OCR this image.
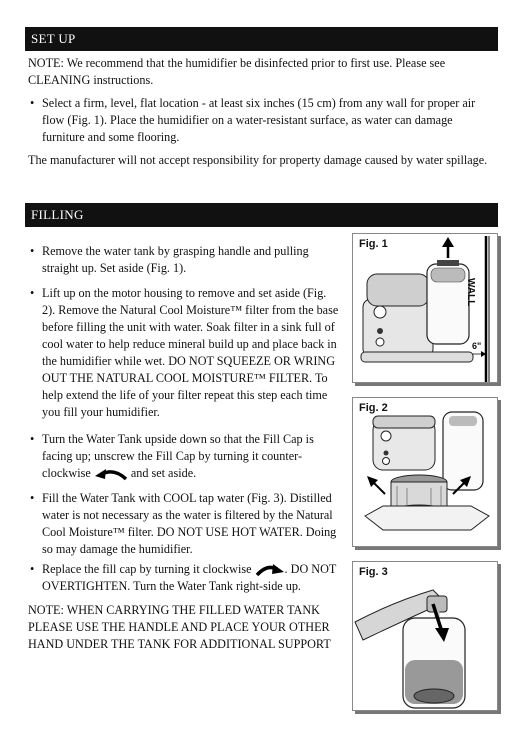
SET UP

NOTE: We recommend that the humidifier be disinfected prior to first use. Please see CLEANING instructions.

• Select a firm, level, flat location - at least six inches (15 cm) from any wall for proper air flow (Fig. 1). Place the humidifier on a water-resistant surface, as water can damage furniture and some flooring.

The manufacturer will not accept responsibility for property damage caused by water spillage.

FILLING
• Remove the water tank by grasping handle and pulling straight up. Set aside (Fig. 1).
• Lift up on the motor housing to remove and set aside (Fig. 2). Remove the Natural Cool Moisture™ filter from the base before filling the unit with water. Soak filter in a sink full of cool water to help reduce mineral build up and place back in the humidifier while wet. DO NOT SQUEEZE OR WRING OUT THE NATURAL COOL MOISTURE™ FILTER. To help extend the life of your filter repeat this step each time you fill your humidifier.
• Turn the Water Tank upside down so that the Fill Cap is facing up; unscrew the Fill Cap by turning it counter-clockwise	and set aside.
• Fill the Water Tank with COOL tap water (Fig. 3). Distilled water is not necessary as the water is filtered by the Natural Cool Moisture™ filter. DO NOT USE HOT WATER. Doing so may damage the humidifier.
• Replace the fill cap by turning it clockwise	. DO NOT OVERTIGHTEN. Turn the Water Tank right-side up.

NOTE: WHEN CARRYING THE FILLED WATER TANK PLEASE USE THE HANDLE AND PLACE YOUR OTHER HAND UNDER THE TANK FOR ADDITIONAL SUPPORT

Fig. 1
WALL
6"
Fig. 2
Fig. 3
